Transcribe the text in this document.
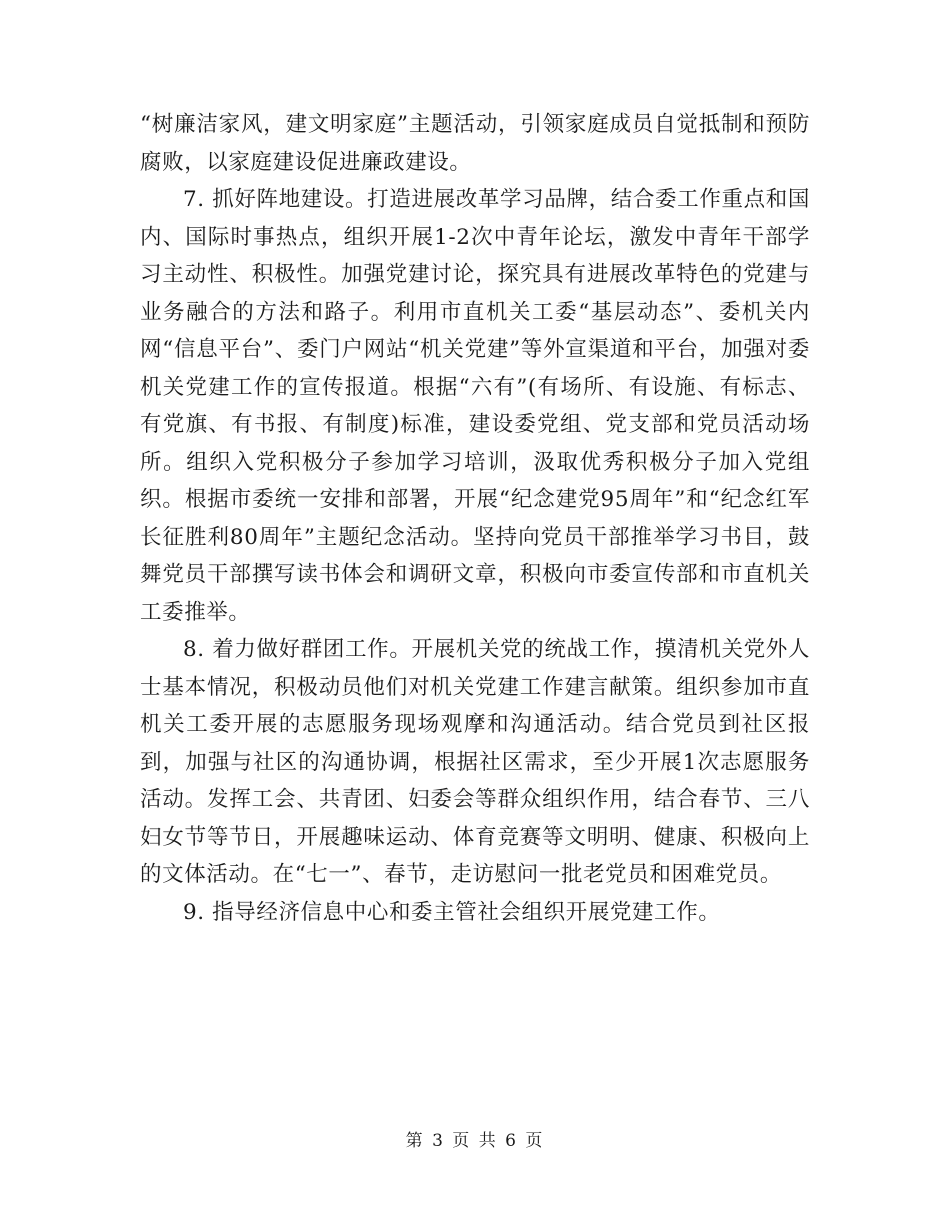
“树廉洁家风，建文明家庭”主题活动，引领家庭成员自觉抵制和预防腐败，以家庭建设促进廉政建设。

7. 抓好阵地建设。打造进展改革学习品牌，结合委工作重点和国内、国际时事热点，组织开展1-2次中青年论坛，激发中青年干部学习主动性、积极性。加强党建讨论，探究具有进展改革特色的党建与业务融合的方法和路子。利用市直机关工委“基层动态”、委机关内网“信息平台”、委门户网站“机关党建”等外宣渠道和平台，加强对委机关党建工作的宣传报道。根据“六有”(有场所、有设施、有标志、有党旗、有书报、有制度)标准，建设委党组、党支部和党员活动场所。组织入党积极分子参加学习培训，汲取优秀积极分子加入党组织。根据市委统一安排和部署，开展“纪念建党95周年”和“纪念红军长征胜利80周年”主题纪念活动。坚持向党员干部推举学习书目，鼓舞党员干部撰写读书体会和调研文章，积极向市委宣传部和市直机关工委推举。

8. 着力做好群团工作。开展机关党的统战工作，摸清机关党外人士基本情况，积极动员他们对机关党建工作建言献策。组织参加市直机关工委开展的志愿服务现场观摩和沟通活动。结合党员到社区报到，加强与社区的沟通协调，根据社区需求，至少开展1次志愿服务活动。发挥工会、共青团、妇委会等群众组织作用，结合春节、三八妇女节等节日，开展趣味运动、体育竞赛等文明明、健康、积极向上的文体活动。在“七一”、春节，走访慰问一批老党员和困难党员。

9. 指导经济信息中心和委主管社会组织开展党建工作。

第 3 页 共 6 页
